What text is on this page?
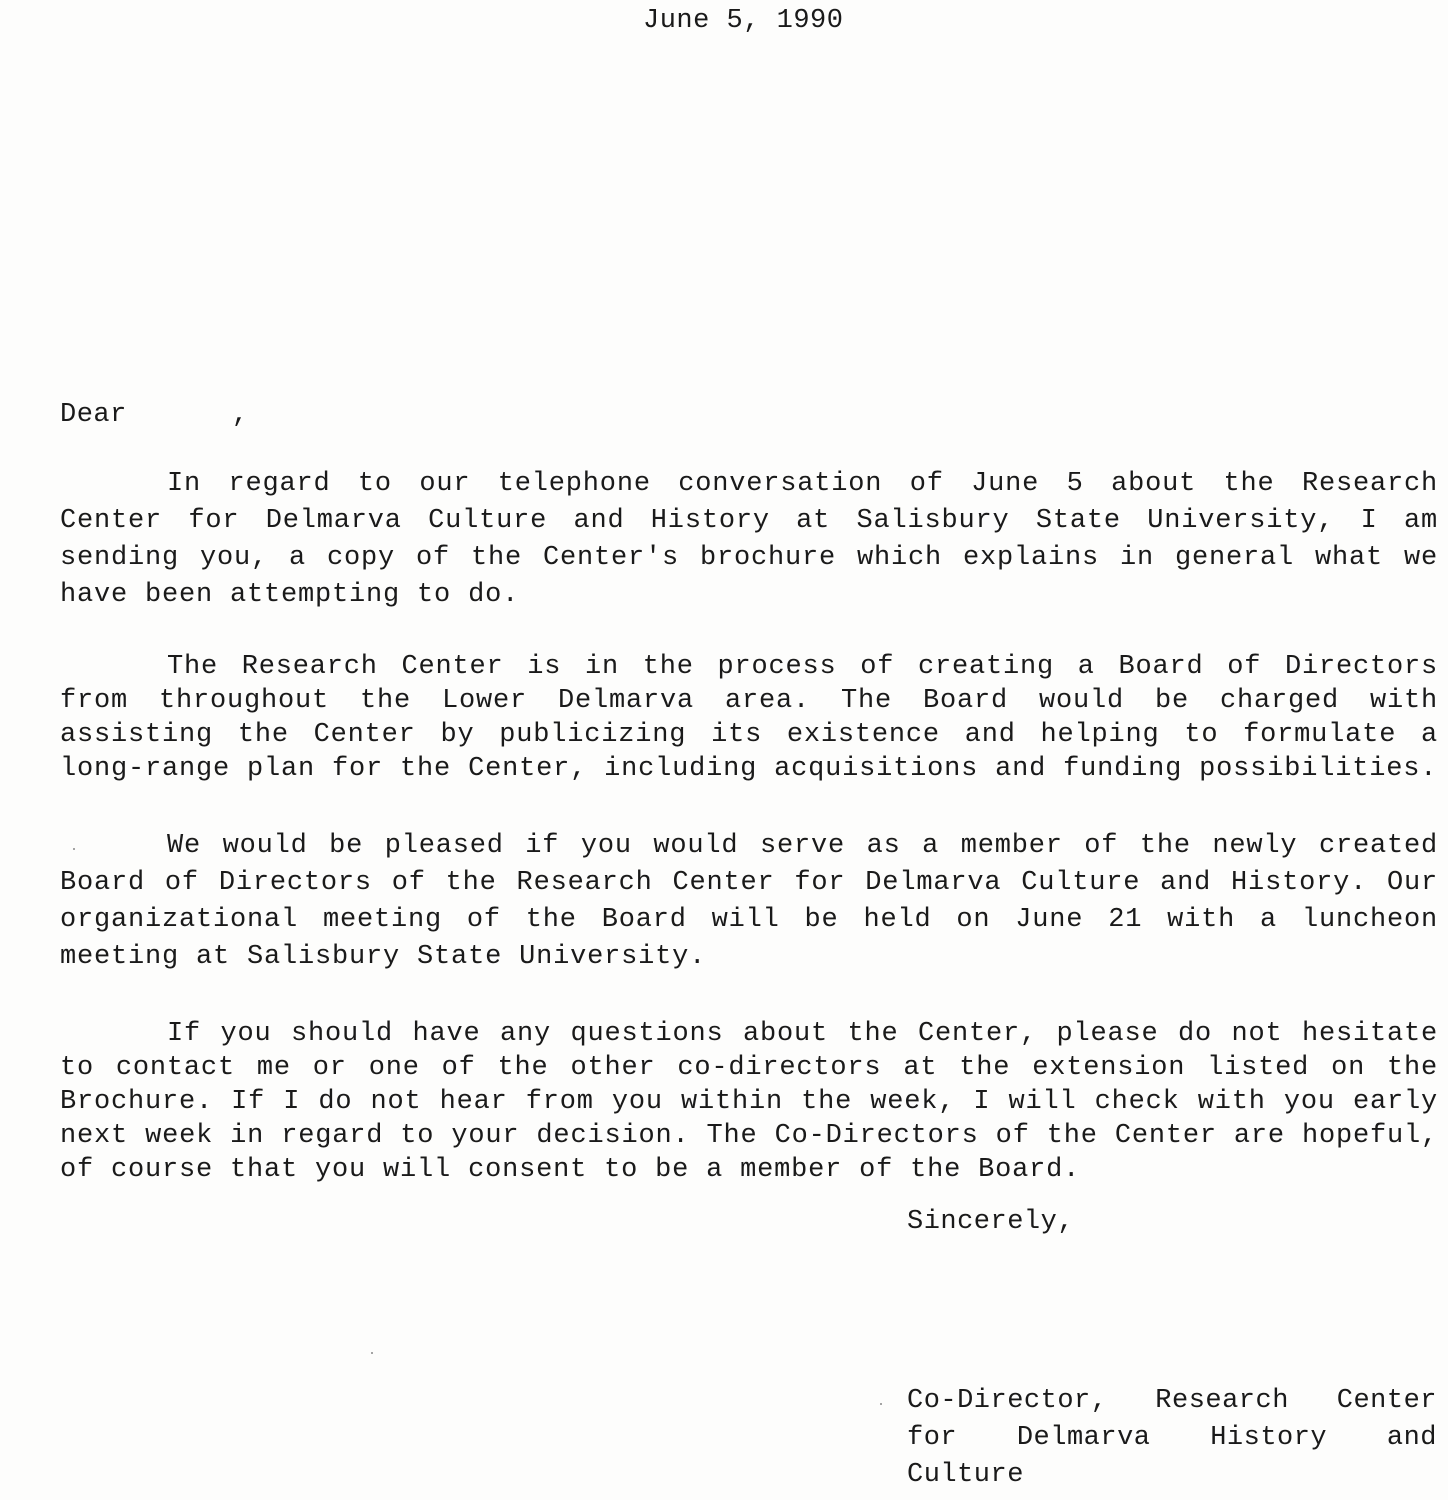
June 5, 1990
Dear	,

In regard to our telephone conversation of June 5 about the Research Center for Delmarva Culture and History at Salisbury State University, I am sending you, a copy of the Center's brochure which explains in general what we have been attempting to do.

The Research Center is in the process of creating a Board of Directors from throughout the Lower Delmarva area. The Board would be charged with assisting the Center by publicizing its existence and helping to formulate a long-range plan for the Center, including acquisitions and funding possibilities.

We would be pleased if you would serve as a member of the newly created Board of Directors of the Research Center for Delmarva Culture and History. Our organizational meeting of the Board will be held on June 21 with a luncheon meeting at Salisbury State University.

If you should have any questions about the Center, please do not hesitate to contact me or one of the other co-directors at the extension listed on the Brochure. If I do not hear from you within the week, I will check with you early next week in regard to your decision. The Co-Directors of the Center are hopeful, of course that you will consent to be a member of the Board.

Sincerely,

Co-Director, Research Center for Delmarva History and Culture
